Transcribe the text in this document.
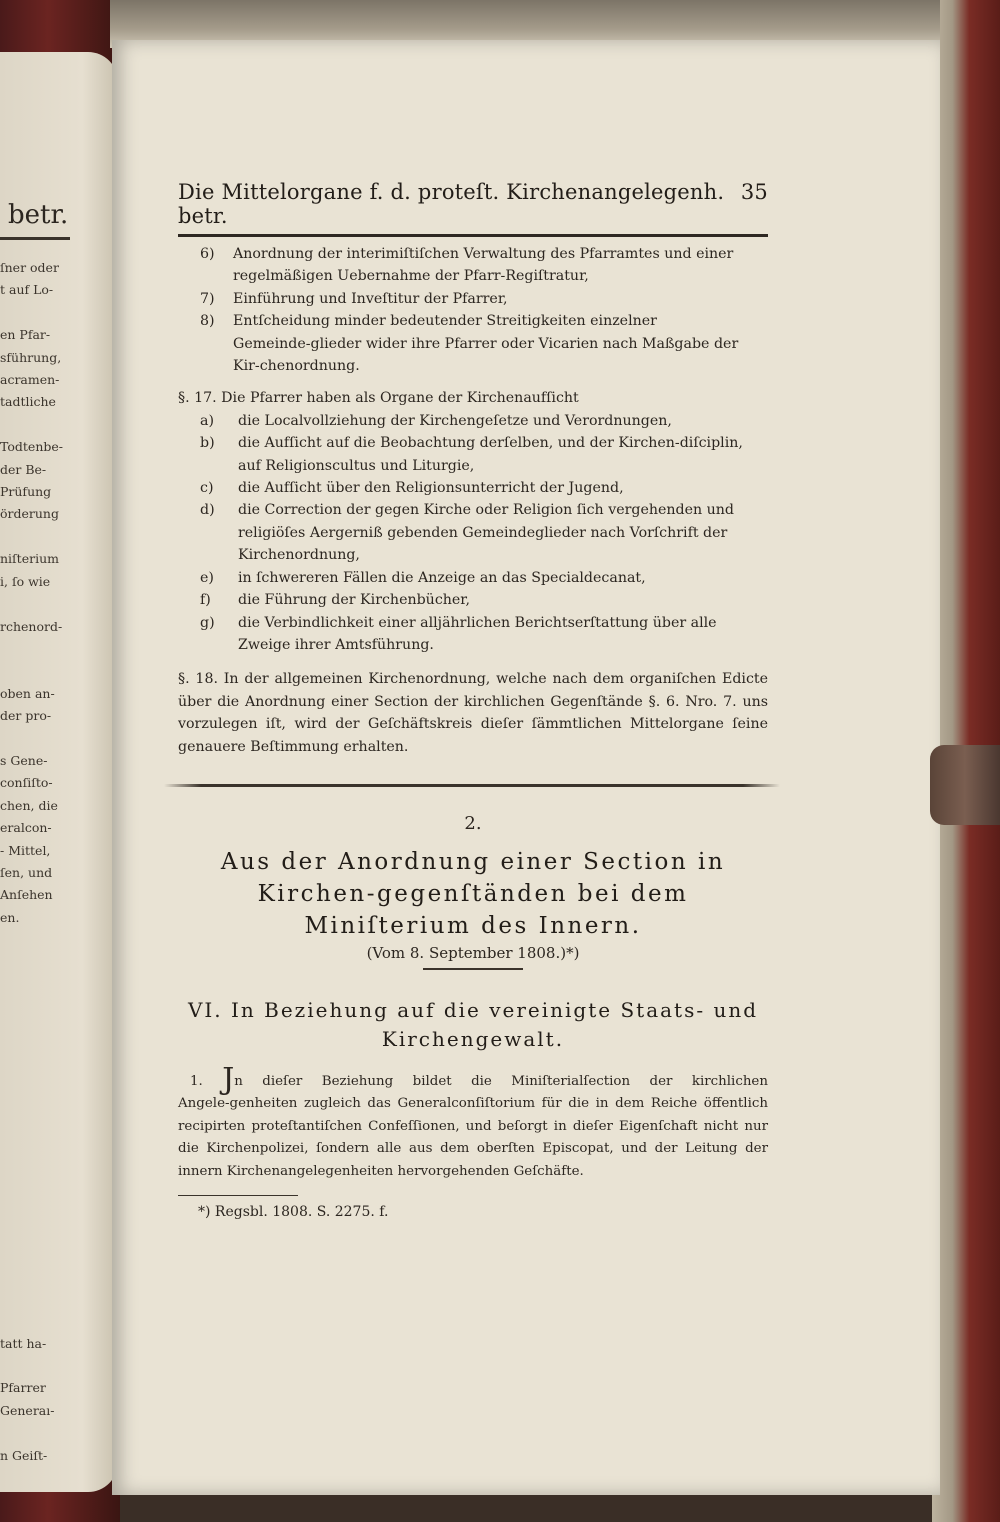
betr.
ſner oder
t auf Lo‑

en Pfar‑
sführung,
acramen‑
tadtliche

Todtenbe‑
der Be‑
Prüfung
örderung

niſterium
i, ſo wie

rchenord‑

oben an‑
der pro‑

s Gene‑
conſiſto‑
chen, die
eralcon‑
- Mittel,
ſen, und
Anſehen
en.

tatt ha‑

Pfarrer
Generaı‑

n Geiſt‑
Die Mittelorgane f. d. proteſt. Kirchenangelegenh. betr.
35
6)	Anordnung der interimiſtiſchen Verwaltung des Pfarramtes und einer regelmäßigen Uebernahme der Pfarr‑Regiſtratur,
7)	Einführung und Inveſtitur der Pfarrer,
8)	Entſcheidung minder bedeutender Streitigkeiten einzelner Gemeinde‑glieder wider ihre Pfarrer oder Vicarien nach Maßgabe der Kir‑chenordnung.
§. 17. Die Pfarrer haben als Organe der Kirchenaufſicht
a)	die Localvollziehung der Kirchengeſetze und Verordnungen,
b)	die Aufſicht auf die Beobachtung derſelben, und der Kirchen‑diſciplin, auf Religionscultus und Liturgie,
c)	die Aufſicht über den Religionsunterricht der Jugend,
d)	die Correction der gegen Kirche oder Religion ſich vergehenden und religiöſes Aergerniß gebenden Gemeindeglieder nach Vorſchrift der Kirchenordnung,
e)	in ſchwereren Fällen die Anzeige an das Specialdecanat,
f)	die Führung der Kirchenbücher,
g)	die Verbindlichkeit einer alljährlichen Berichtserſtattung über alle Zweige ihrer Amtsführung.
§. 18. In der allgemeinen Kirchenordnung, welche nach dem organiſchen Edicte über die Anordnung einer Section der kirchlichen Gegenſtände §. 6. Nro. 7. uns vorzulegen iſt, wird der Geſchäftskreis dieſer ſämmtlichen Mittelorgane ſeine genauere Beſtimmung erhalten.
2.
Aus der Anordnung einer Section in Kirchen‑gegenſtänden bei dem Miniſterium des Innern.
(Vom 8. September 1808.)*)
VI. In Beziehung auf die vereinigte Staats‑ und Kirchengewalt.
1. Jn dieſer Beziehung bildet die Miniſterialſection der kirchlichen Angele‑genheiten zugleich das Generalconſiſtorium für die in dem Reiche öffentlich recipirten proteſtantiſchen Confeſſionen, und beſorgt in dieſer Eigenſchaft nicht nur die Kirchenpolizei, ſondern alle aus dem oberſten Episcopat, und der Leitung der innern Kirchenangelegenheiten hervorgehenden Geſchäfte.
*) Regsbl. 1808. S. 2275. f.
